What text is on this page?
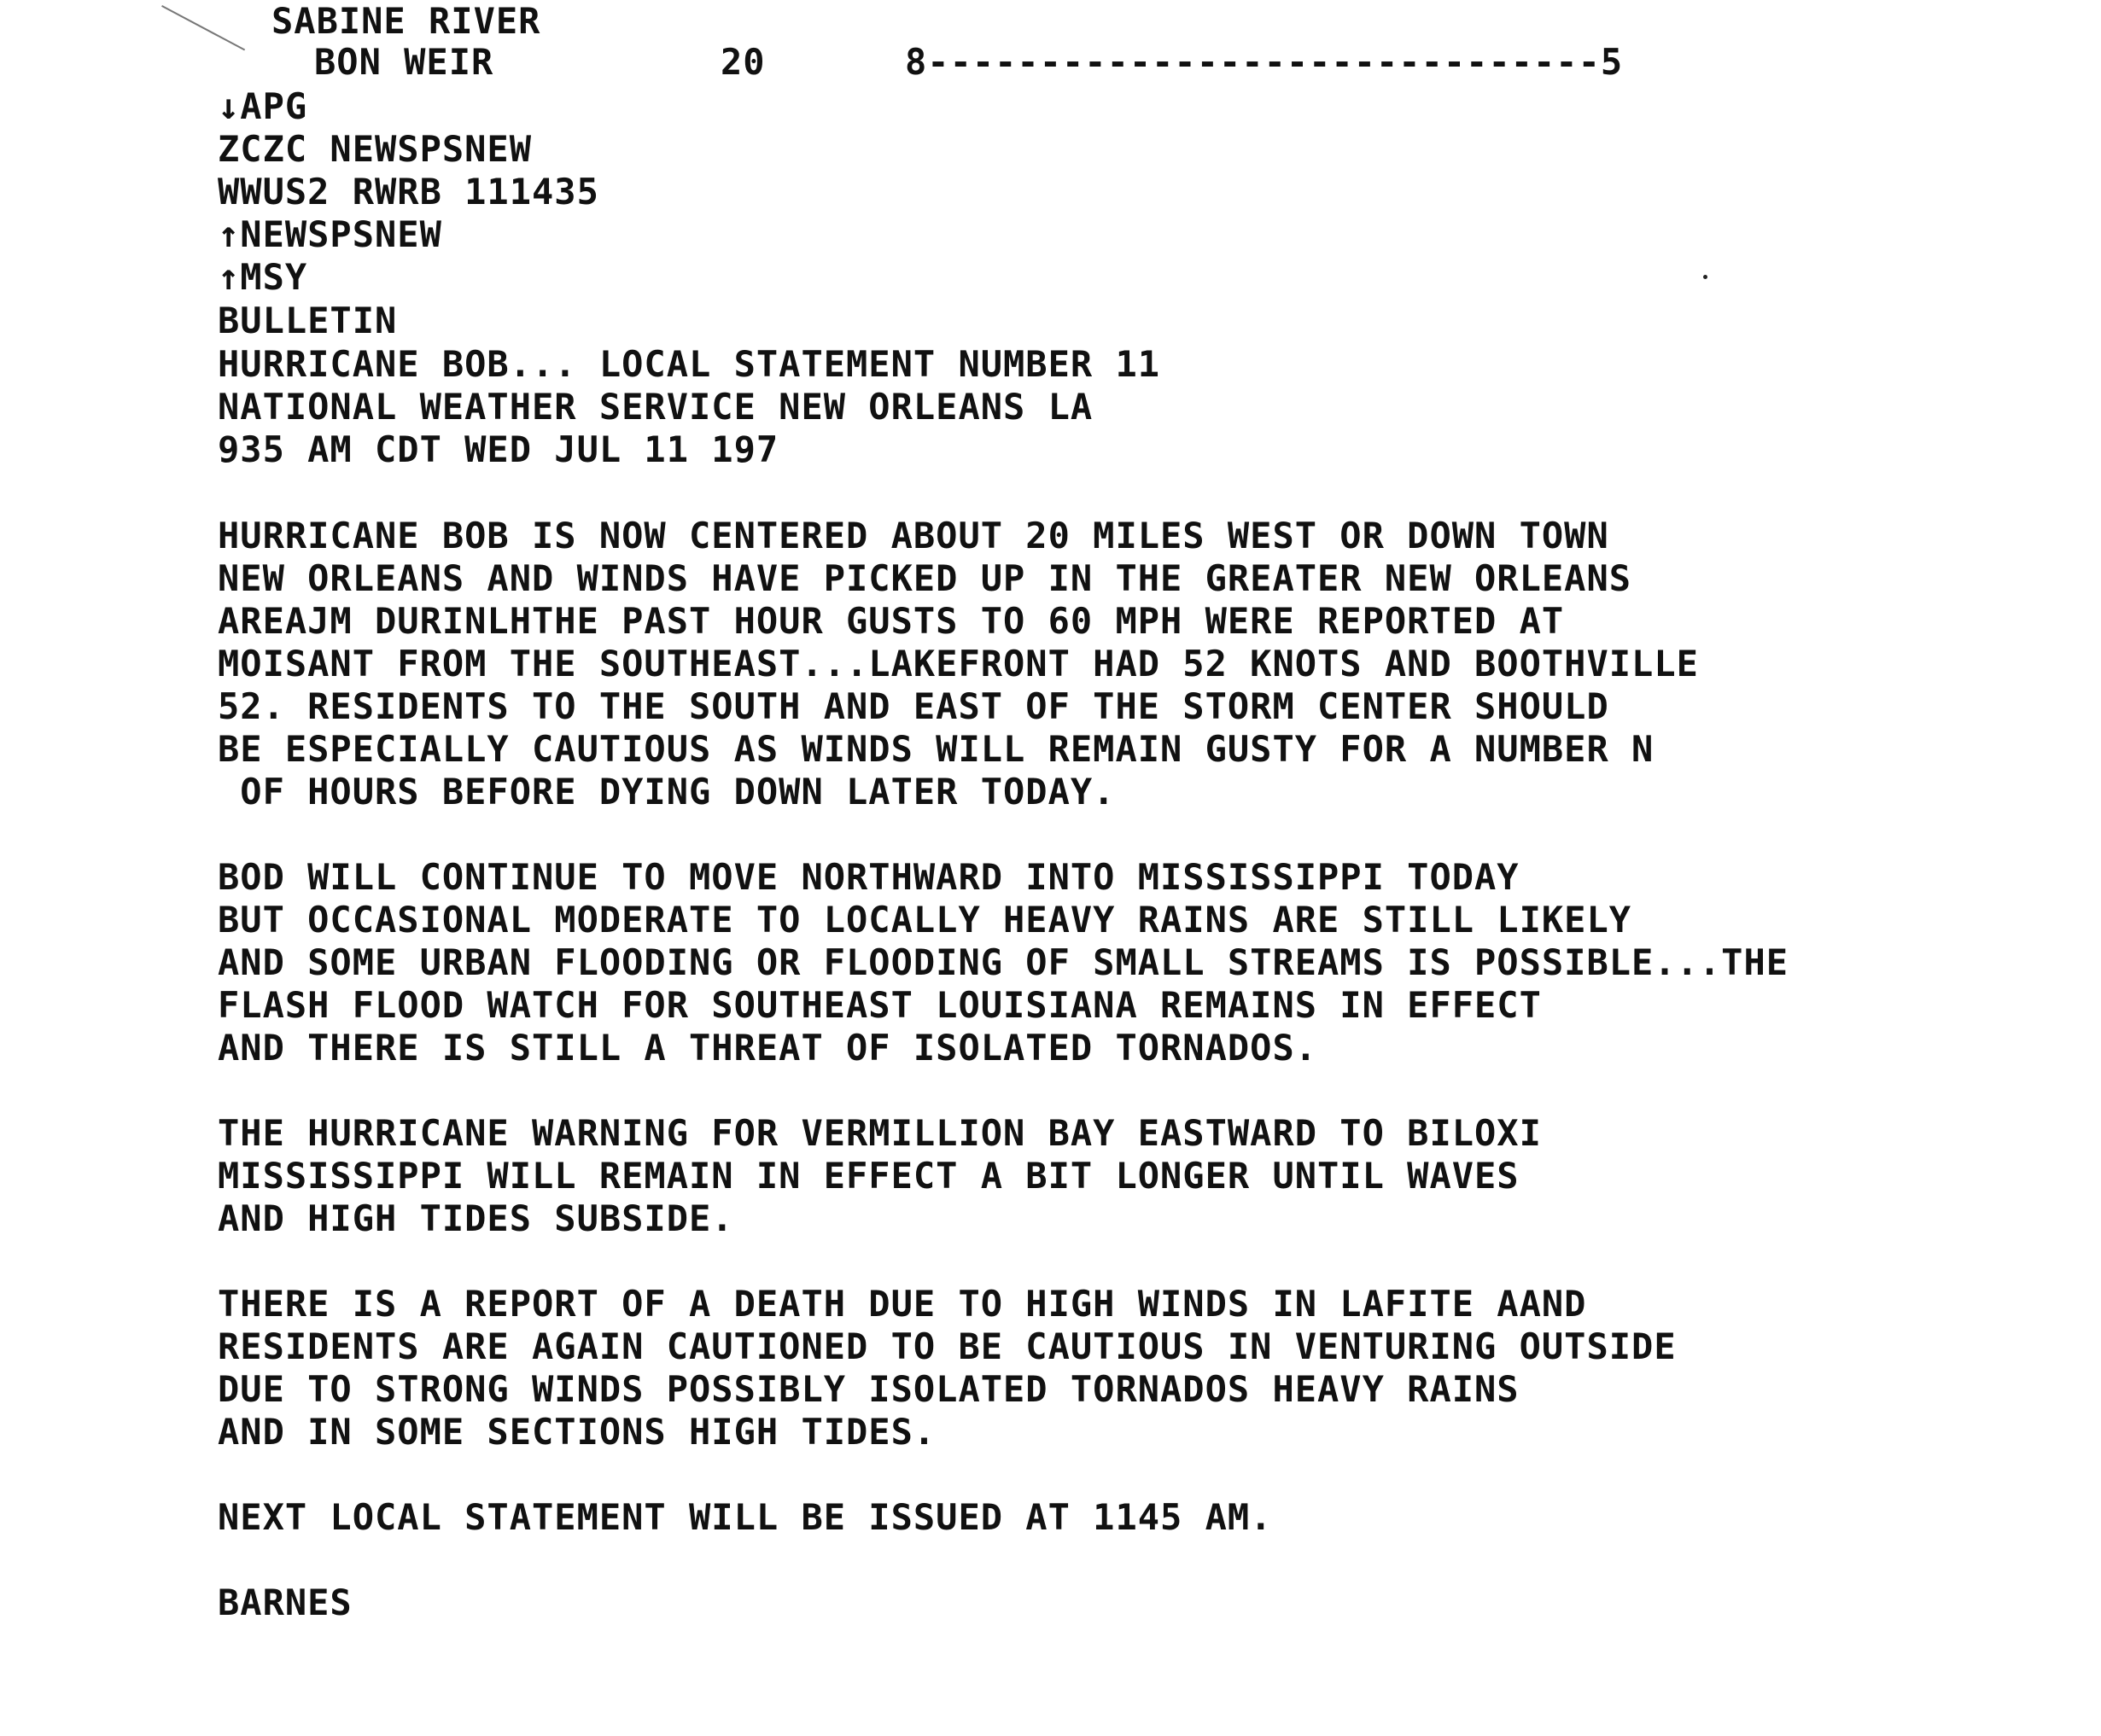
SABINE RIVER
BON WEIR	20	8------------------------------5
↓APG
ZCZC NEWSPSNEW
WWUS2 RWRB 111435
↑NEWSPSNEW
↑MSY
BULLETIN
HURRICANE BOB... LOCAL STATEMENT NUMBER 11
NATIONAL WEATHER SERVICE NEW ORLEANS LA
935 AM CDT WED JUL 11 197
HURRICANE BOB IS NOW CENTERED ABOUT 20 MILES WEST OR DOWN TOWN
NEW ORLEANS AND WINDS HAVE PICKED UP IN THE GREATER NEW ORLEANS
AREAJM DURINLHTHE PAST HOUR GUSTS TO 60 MPH WERE REPORTED AT
MOISANT FROM THE SOUTHEAST...LAKEFRONT HAD 52 KNOTS AND BOOTHVILLE
52. RESIDENTS TO THE SOUTH AND EAST OF THE STORM CENTER SHOULD
BE ESPECIALLY CAUTIOUS AS WINDS WILL REMAIN GUSTY FOR A NUMBER N
OF HOURS BEFORE DYING DOWN LATER TODAY.
BOD WILL CONTINUE TO MOVE NORTHWARD INTO MISSISSIPPI TODAY
BUT OCCASIONAL MODERATE TO LOCALLY HEAVY RAINS ARE STILL LIKELY
AND SOME URBAN FLOODING OR FLOODING OF SMALL STREAMS IS POSSIBLE...THE
FLASH FLOOD WATCH FOR SOUTHEAST LOUISIANA REMAINS IN EFFECT
AND THERE IS STILL A THREAT OF ISOLATED TORNADOS.
THE HURRICANE WARNING FOR VERMILLION BAY EASTWARD TO BILOXI
MISSISSIPPI WILL REMAIN IN EFFECT A BIT LONGER UNTIL WAVES
AND HIGH TIDES SUBSIDE.
THERE IS A REPORT OF A DEATH DUE TO HIGH WINDS IN LAFITE AAND
RESIDENTS ARE AGAIN CAUTIONED TO BE CAUTIOUS IN VENTURING OUTSIDE
DUE TO STRONG WINDS POSSIBLY ISOLATED TORNADOS HEAVY RAINS
AND IN SOME SECTIONS HIGH TIDES.
NEXT LOCAL STATEMENT WILL BE ISSUED AT 1145 AM.
BARNES
